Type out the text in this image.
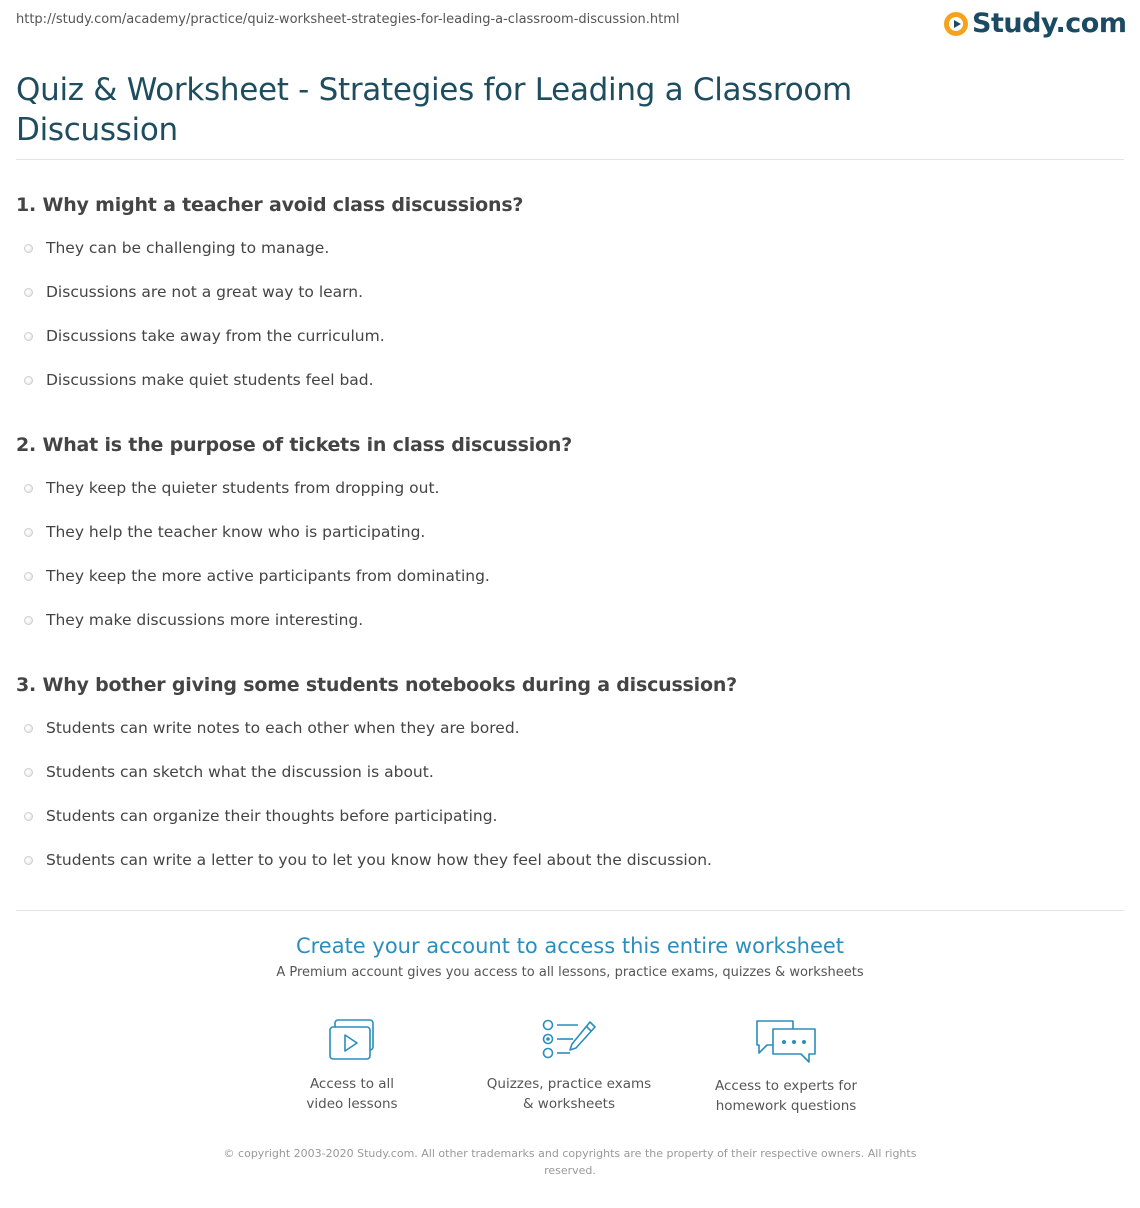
http://study.com/academy/practice/quiz-worksheet-strategies-for-leading-a-classroom-discussion.html	Study.com
Quiz & Worksheet - Strategies for Leading a Classroom Discussion
1. Why might a teacher avoid class discussions?
They can be challenging to manage.
Discussions are not a great way to learn.
Discussions take away from the curriculum.
Discussions make quiet students feel bad.
2. What is the purpose of tickets in class discussion?
They keep the quieter students from dropping out.
They help the teacher know who is participating.
They keep the more active participants from dominating.
They make discussions more interesting.
3. Why bother giving some students notebooks during a discussion?
Students can write notes to each other when they are bored.
Students can sketch what the discussion is about.
Students can organize their thoughts before participating.
Students can write a letter to you to let you know how they feel about the discussion.
Create your account to access this entire worksheet
A Premium account gives you access to all lessons, practice exams, quizzes & worksheets
Access to all
video lessons
Quizzes, practice exams
& worksheets
Access to experts for
homework questions
© copyright 2003-2020 Study.com. All other trademarks and copyrights are the property of their respective owners. All rights reserved.
